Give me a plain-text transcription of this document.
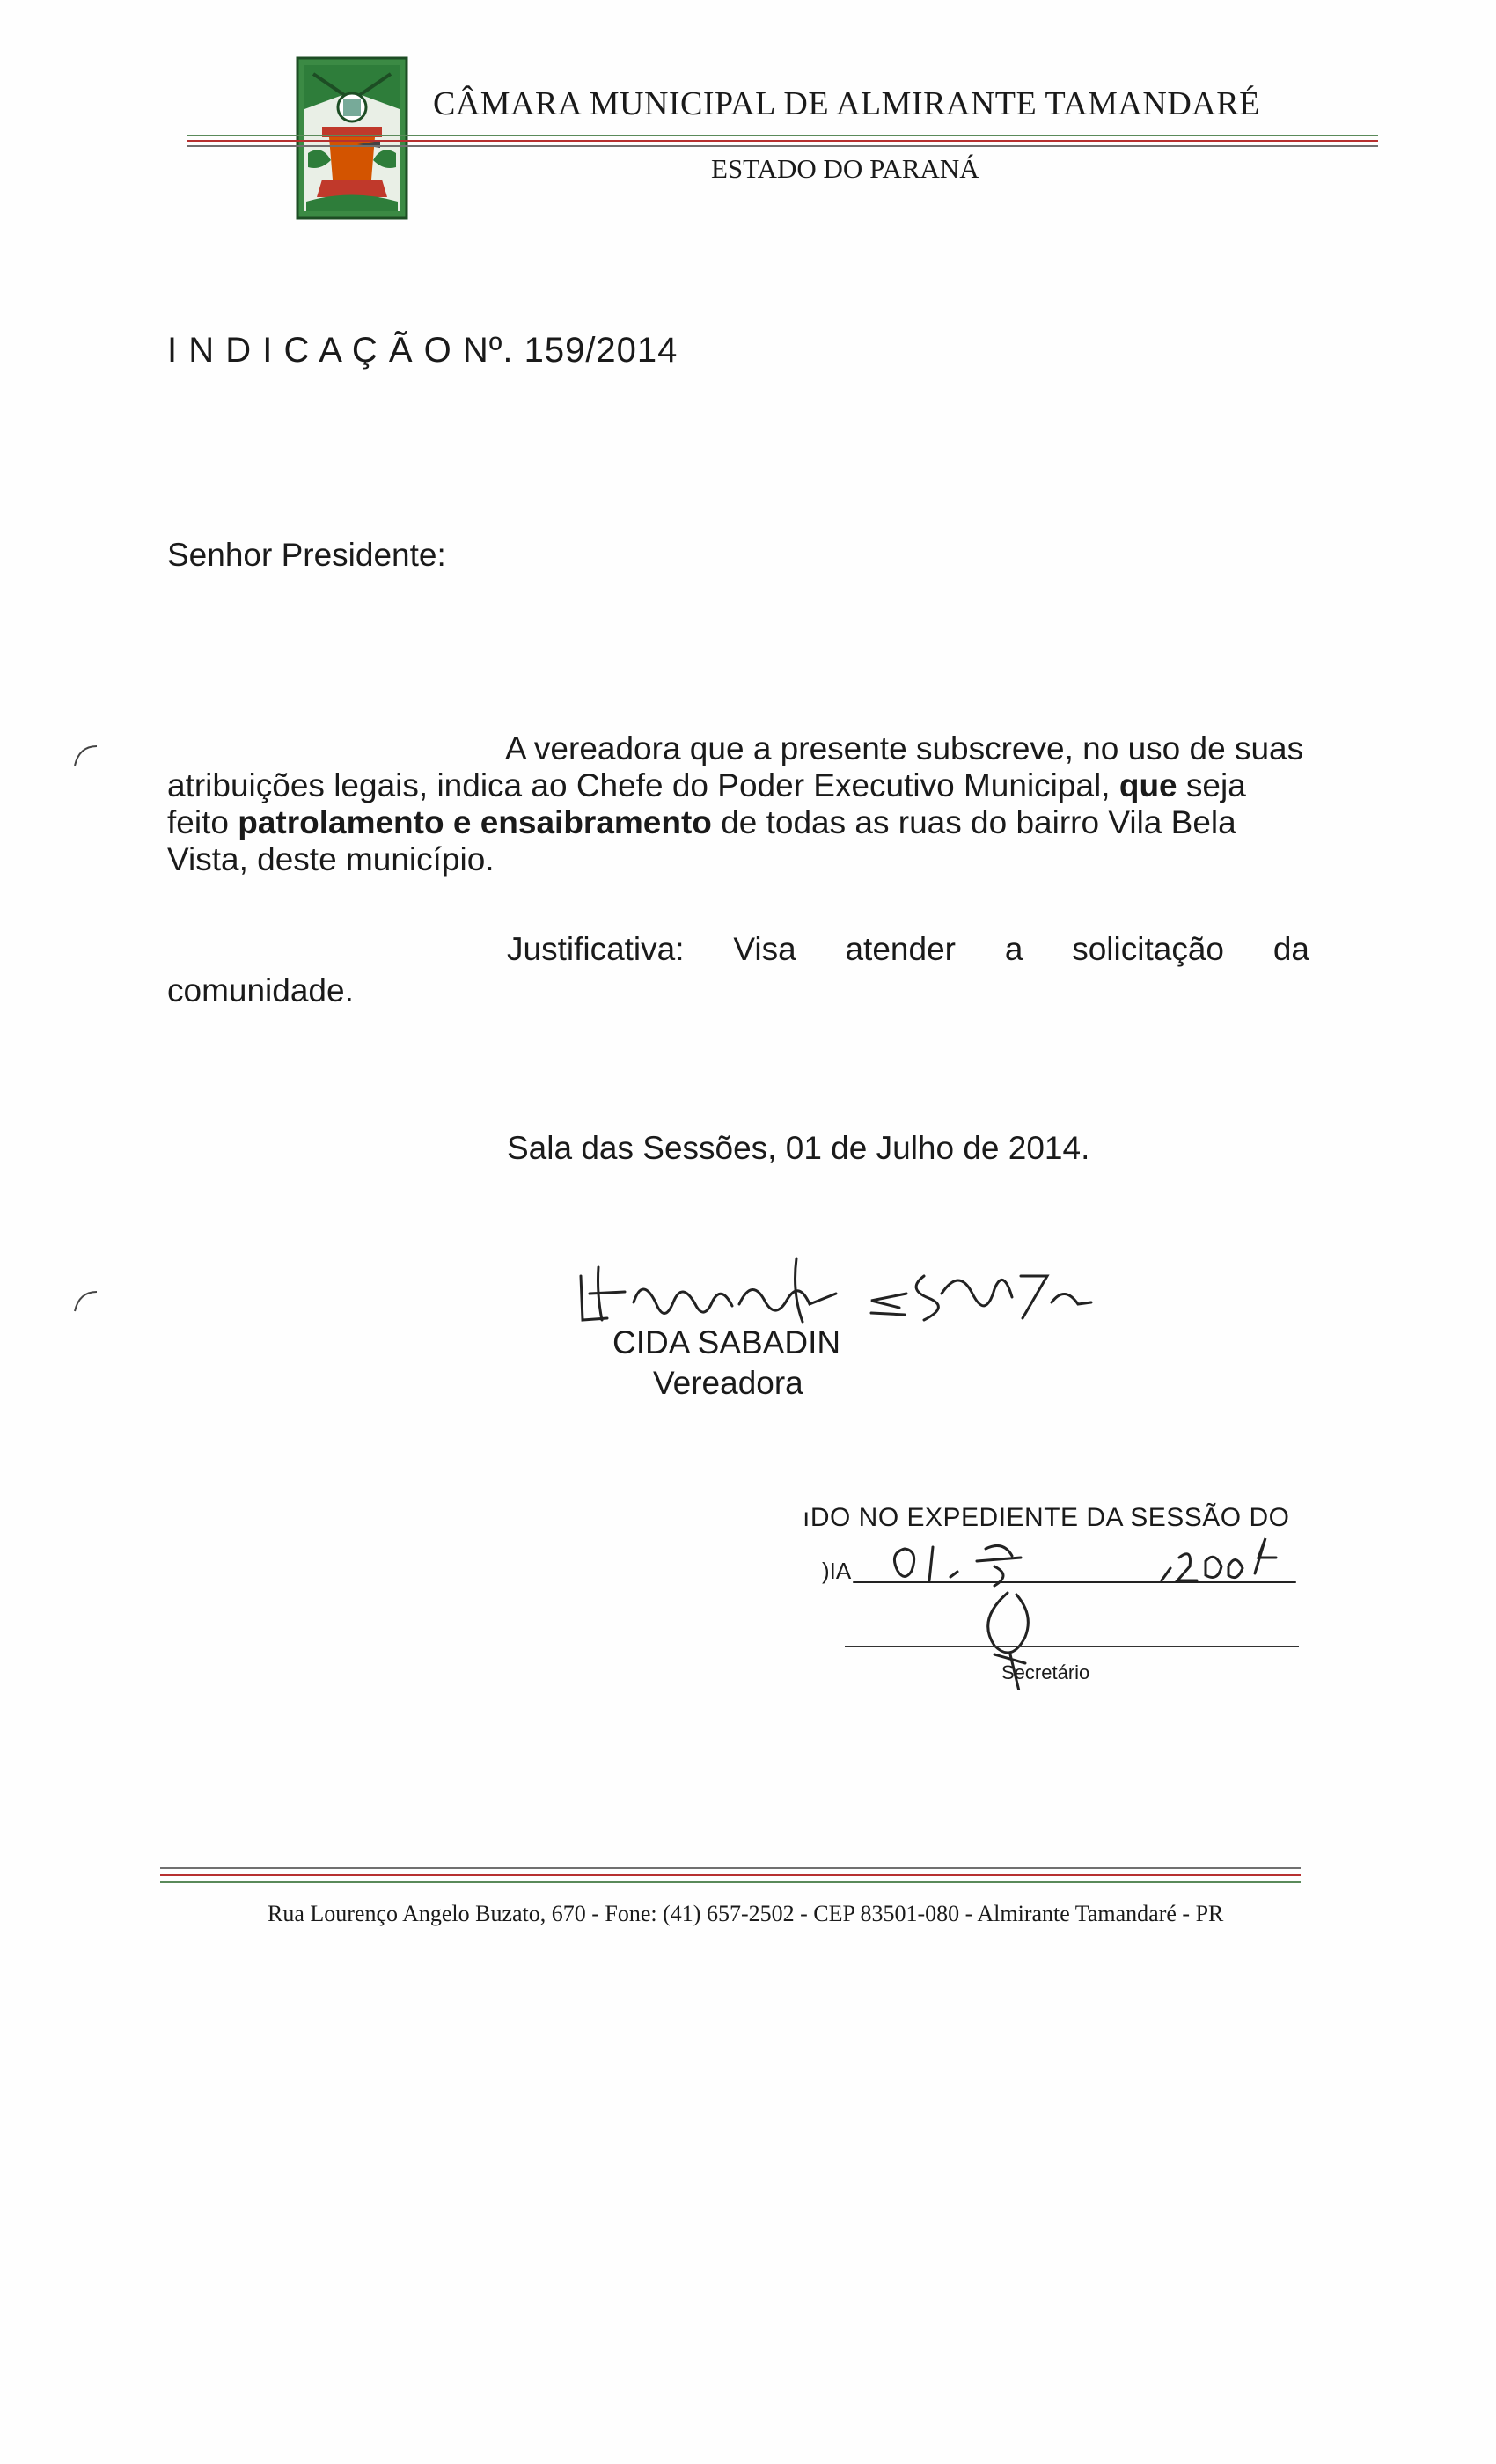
CÂMARA MUNICIPAL DE ALMIRANTE TAMANDARÉ
ESTADO DO PARANÁ
I N D I C A Ç Ã O Nº. 159/2014
Senhor Presidente:

A vereadora que a presente subscreve, no uso de suas atribuições legais, indica ao Chefe do Poder Executivo Municipal, que seja feito patrolamento e ensaibramento de todas as ruas do bairro Vila Bela Vista, deste município.

Justificativa: Visa atender a solicitação da
comunidade.
Sala das Sessões, 01 de Julho de 2014.
CIDA SABADIN
Vereadora
ıDO NO EXPEDIENTE DA SESSÃO DO
)IA
Secretário
Rua Lourenço Angelo Buzato, 670 - Fone: (41) 657-2502 - CEP 83501-080 - Almirante Tamandaré - PR
